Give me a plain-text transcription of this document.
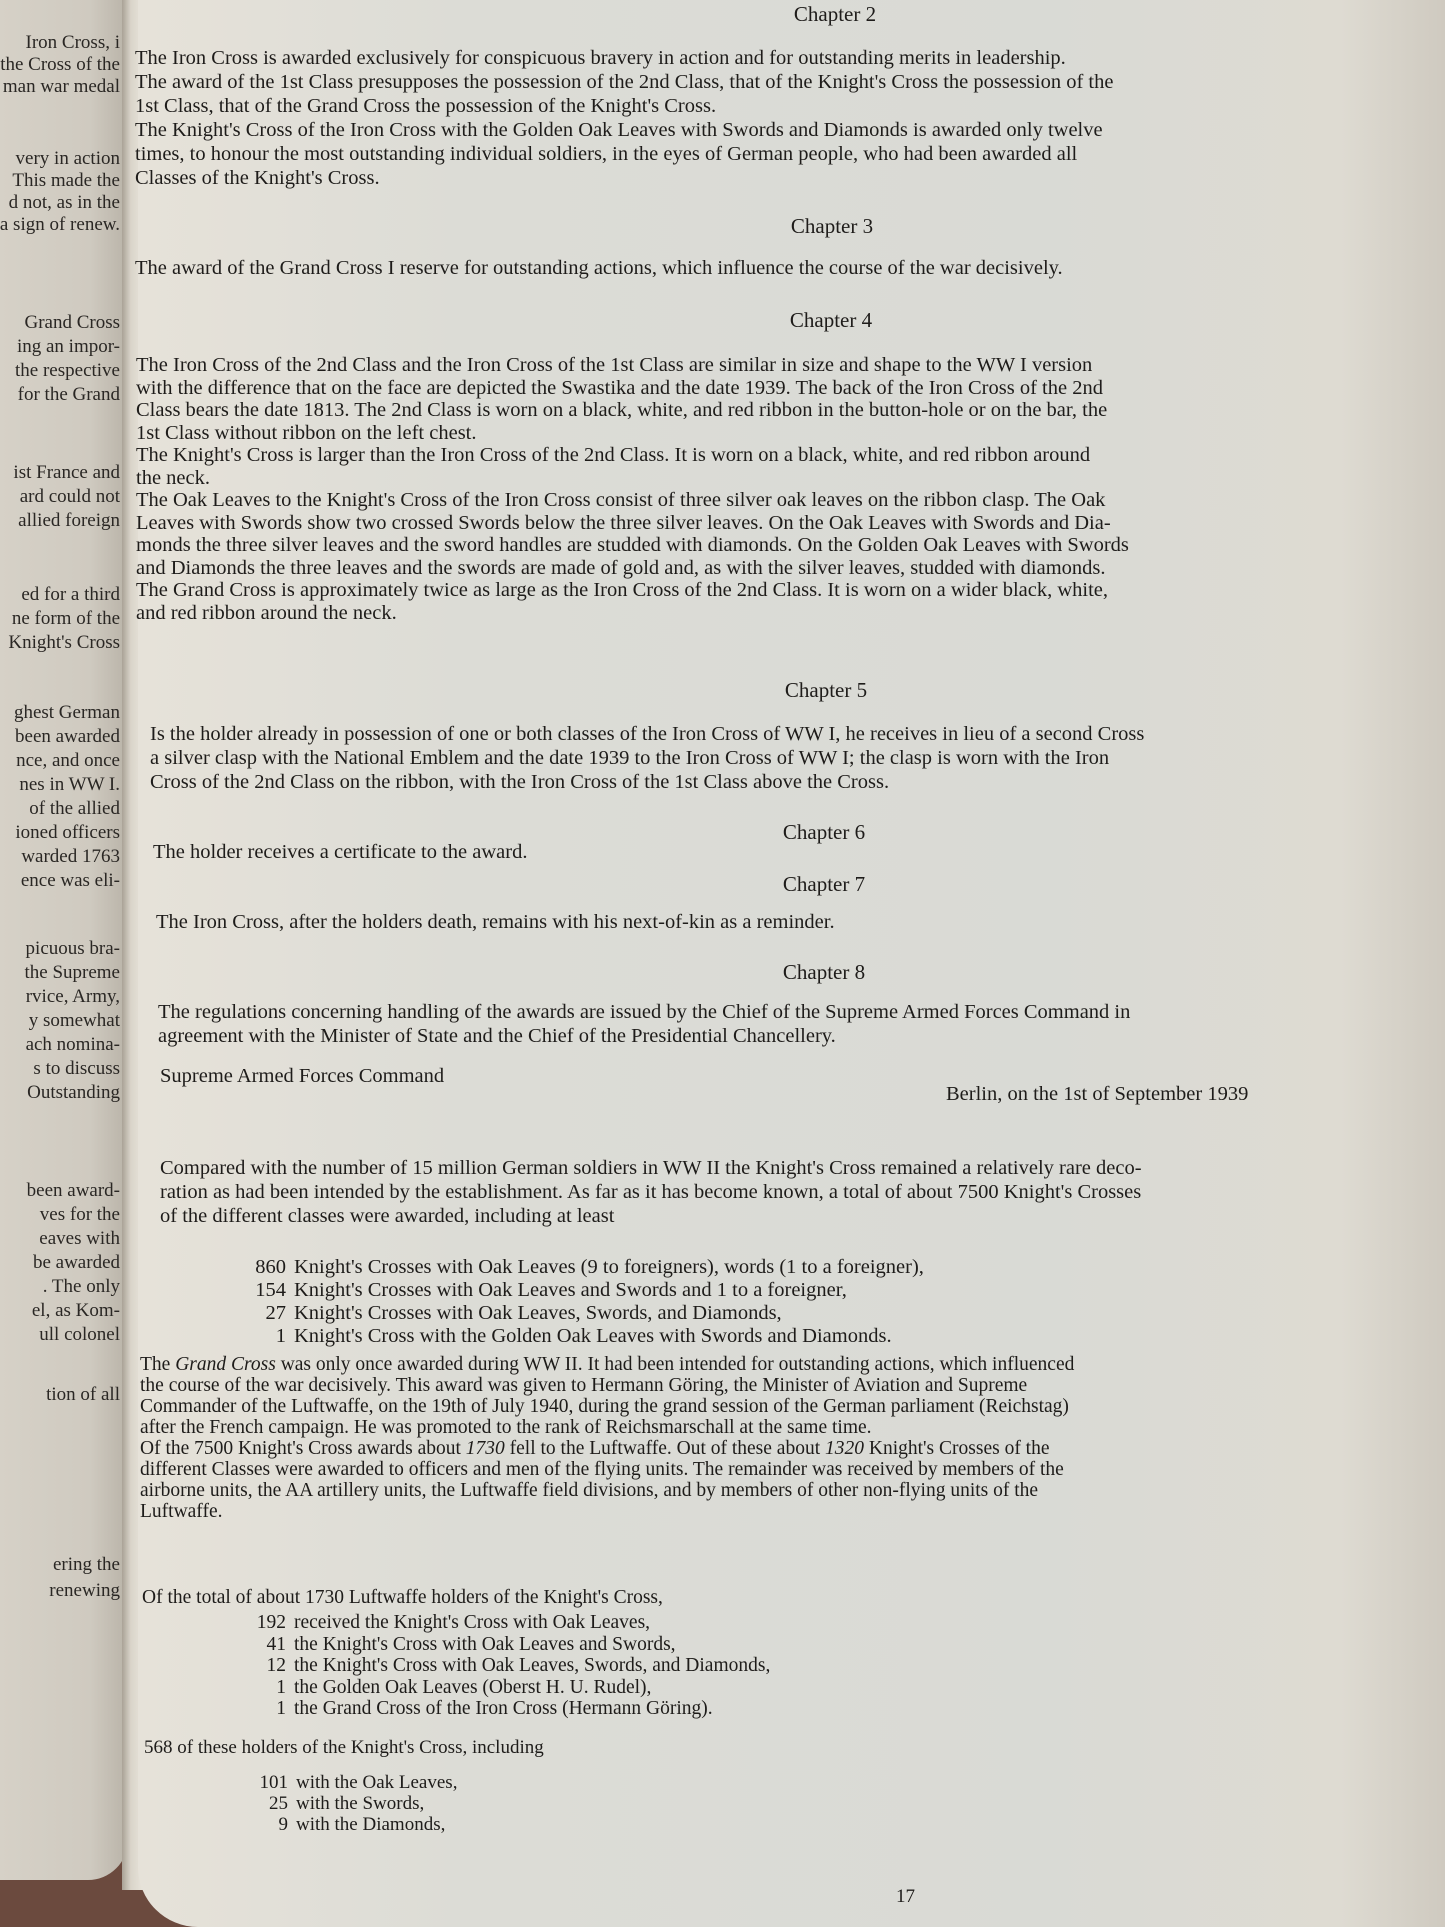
Iron Cross, i
the Cross of the
man war medal
very in action
This made the
d not, as in the
a sign of renew.
Grand Cross
ing an impor-
the respective
for the Grand
ist France and
ard could not
allied foreign
ed for a third
ne form of the
Knight's Cross
ghest German
been awarded
nce, and once
nes in WW I.
of the allied
ioned officers
warded 1763
ence was eli-
picuous bra-
the Supreme
rvice, Army,
y somewhat
ach nomina-
s to discuss
Outstanding
been award-
ves for the
eaves with
be awarded
. The only
el, as Kom-
ull colonel
tion of all
ering the
renewing
Chapter 2
The Iron Cross is awarded exclusively for conspicuous bravery in action and for outstanding merits in leadership.
The award of the 1st Class presupposes the possession of the 2nd Class, that of the Knight's Cross the possession of the
1st Class, that of the Grand Cross the possession of the Knight's Cross.
The Knight's Cross of the Iron Cross with the Golden Oak Leaves with Swords and Diamonds is awarded only twelve
times, to honour the most outstanding individual soldiers, in the eyes of German people, who had been awarded all
Classes of the Knight's Cross.
Chapter 3
The award of the Grand Cross I reserve for outstanding actions, which influence the course of the war decisively.
Chapter 4
The Iron Cross of the 2nd Class and the Iron Cross of the 1st Class are similar in size and shape to the WW I version
with the difference that on the face are depicted the Swastika and the date 1939. The back of the Iron Cross of the 2nd
Class bears the date 1813. The 2nd Class is worn on a black, white, and red ribbon in the button-hole or on the bar, the
1st Class without ribbon on the left chest.
The Knight's Cross is larger than the Iron Cross of the 2nd Class. It is worn on a black, white, and red ribbon around
the neck.
The Oak Leaves to the Knight's Cross of the Iron Cross consist of three silver oak leaves on the ribbon clasp. The Oak
Leaves with Swords show two crossed Swords below the three silver leaves. On the Oak Leaves with Swords and Dia-
monds the three silver leaves and the sword handles are studded with diamonds. On the Golden Oak Leaves with Swords
and Diamonds the three leaves and the swords are made of gold and, as with the silver leaves, studded with diamonds.
The Grand Cross is approximately twice as large as the Iron Cross of the 2nd Class. It is worn on a wider black, white,
and red ribbon around the neck.
Chapter 5
Is the holder already in possession of one or both classes of the Iron Cross of WW I, he receives in lieu of a second Cross
a silver clasp with the National Emblem and the date 1939 to the Iron Cross of WW I; the clasp is worn with the Iron
Cross of the 2nd Class on the ribbon, with the Iron Cross of the 1st Class above the Cross.
Chapter 6
The holder receives a certificate to the award.
Chapter 7
The Iron Cross, after the holders death, remains with his next-of-kin as a reminder.
Chapter 8
The regulations concerning handling of the awards are issued by the Chief of the Supreme Armed Forces Command in
agreement with the Minister of State and the Chief of the Presidential Chancellery.
Supreme Armed Forces Command
Berlin, on the 1st of September 1939
Compared with the number of 15 million German soldiers in WW II the Knight's Cross remained a relatively rare deco-
ration as had been intended by the establishment. As far as it has become known, a total of about 7500 Knight's Crosses
of the different classes were awarded, including at least
860 Knight's Crosses with Oak Leaves (9 to foreigners), words (1 to a foreigner),
154 Knight's Crosses with Oak Leaves and Swords and 1 to a foreigner,
27 Knight's Crosses with Oak Leaves, Swords, and Diamonds,
1 Knight's Cross with the Golden Oak Leaves with Swords and Diamonds.
The Grand Cross was only once awarded during WW II. It had been intended for outstanding actions, which influenced
the course of the war decisively. This award was given to Hermann Göring, the Minister of Aviation and Supreme
Commander of the Luftwaffe, on the 19th of July 1940, during the grand session of the German parliament (Reichstag)
after the French campaign. He was promoted to the rank of Reichsmarschall at the same time.
Of the 7500 Knight's Cross awards about 1730 fell to the Luftwaffe. Out of these about 1320 Knight's Crosses of the
different Classes were awarded to officers and men of the flying units. The remainder was received by members of the
airborne units, the AA artillery units, the Luftwaffe field divisions, and by members of other non-flying units of the
Luftwaffe.
Of the total of about 1730 Luftwaffe holders of the Knight's Cross,
192 received the Knight's Cross with Oak Leaves,
41 the Knight's Cross with Oak Leaves and Swords,
12 the Knight's Cross with Oak Leaves, Swords, and Diamonds,
1 the Golden Oak Leaves (Oberst H. U. Rudel),
1 the Grand Cross of the Iron Cross (Hermann Göring).
568 of these holders of the Knight's Cross, including
101 with the Oak Leaves,
25 with the Swords,
9 with the Diamonds,
17
